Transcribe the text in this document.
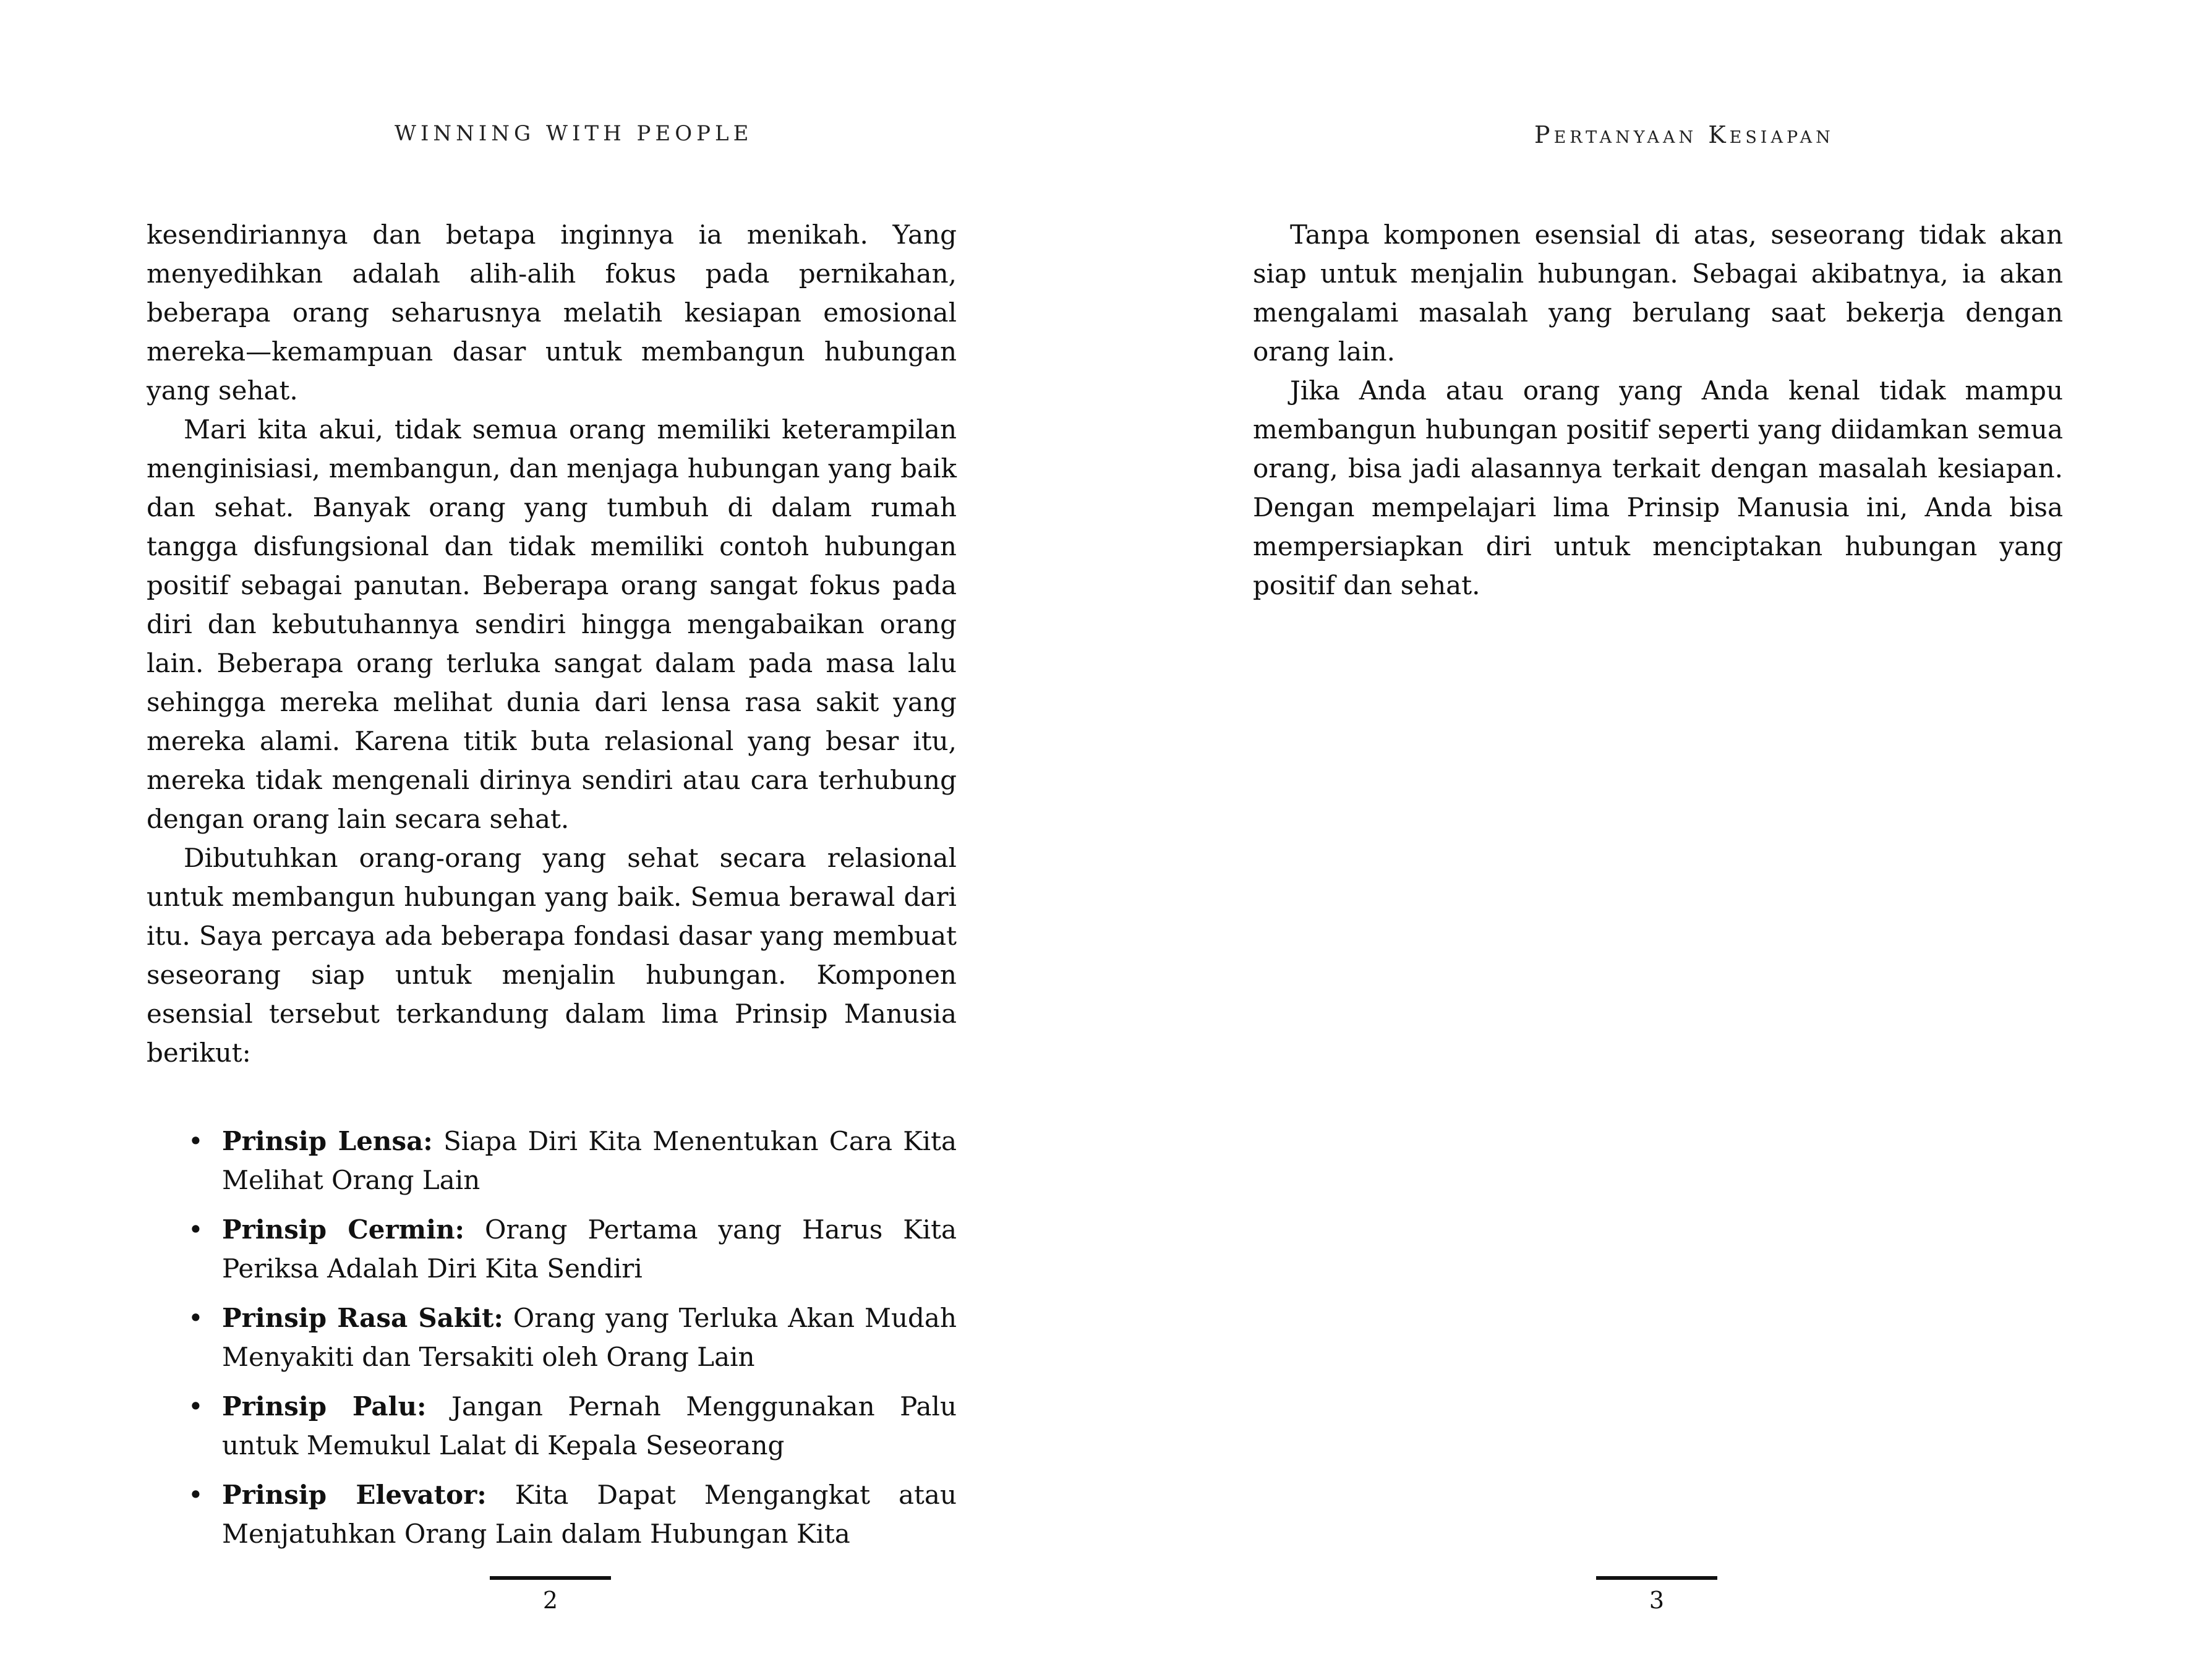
WINNING WITH PEOPLE

kesendiriannya dan betapa inginnya ia menikah. Yang menyedihkan adalah alih-alih fokus pada pernikahan, beberapa orang seharusnya melatih kesiapan emosional mereka—kemampuan dasar untuk membangun hubungan yang sehat.

Mari kita akui, tidak semua orang memiliki keterampilan menginisiasi, membangun, dan menjaga hubungan yang baik dan sehat. Banyak orang yang tumbuh di dalam rumah tangga disfungsional dan tidak memiliki contoh hubungan positif sebagai panutan. Beberapa orang sangat fokus pada diri dan kebutuhannya sendiri hingga mengabaikan orang lain. Beberapa orang terluka sangat dalam pada masa lalu sehingga mereka melihat dunia dari lensa rasa sakit yang mereka alami. Karena titik buta relasional yang besar itu, mereka tidak mengenali dirinya sendiri atau cara terhubung dengan orang lain secara sehat.

Dibutuhkan orang-orang yang sehat secara relasional untuk membangun hubungan yang baik. Semua berawal dari itu. Saya percaya ada beberapa fondasi dasar yang membuat seseorang siap untuk menjalin hubungan. Komponen esensial tersebut terkandung dalam lima Prinsip Manusia berikut:

• Prinsip Lensa: Siapa Diri Kita Menentukan Cara Kita Melihat Orang Lain
• Prinsip Cermin: Orang Pertama yang Harus Kita Periksa Adalah Diri Kita Sendiri
• Prinsip Rasa Sakit: Orang yang Terluka Akan Mudah Menyakiti dan Tersakiti oleh Orang Lain
• Prinsip Palu: Jangan Pernah Menggunakan Palu untuk Memukul Lalat di Kepala Seseorang
• Prinsip Elevator: Kita Dapat Mengangkat atau Menjatuhkan Orang Lain dalam Hubungan Kita
2
Pertanyaan Kesiapan

Tanpa komponen esensial di atas, seseorang tidak akan siap untuk menjalin hubungan. Sebagai akibatnya, ia akan mengalami masalah yang berulang saat bekerja dengan orang lain.

Jika Anda atau orang yang Anda kenal tidak mampu membangun hubungan positif seperti yang diidamkan semua orang, bisa jadi alasannya terkait dengan masalah kesiapan. Dengan mempelajari lima Prinsip Manusia ini, Anda bisa mempersiapkan diri untuk menciptakan hubungan yang positif dan sehat.

3
